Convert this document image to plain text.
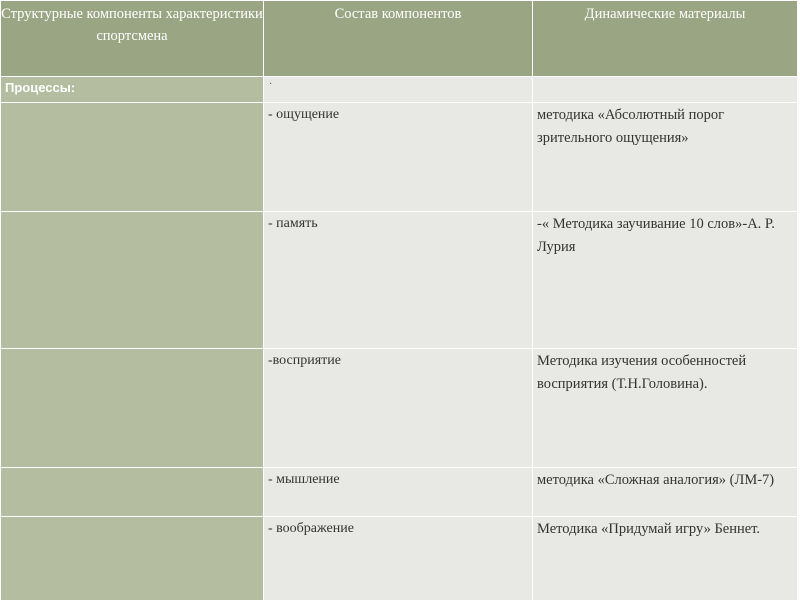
Структурные компоненты характеристики спортсмена	Состав компонентов	Динамические материалы

Процессы:	·	

	- ощущение	методика «Абсолютный порог зрительного ощущения»

	- память	-« Методика заучивание 10 слов»-А. Р. Лурия

	-восприятие	Методика изучения особенностей восприятия (Т.Н.Головина).

	- мышление	методика «Сложная аналогия» (ЛМ-7)

	- воображение	Методика «Придумай игру» Беннет.
